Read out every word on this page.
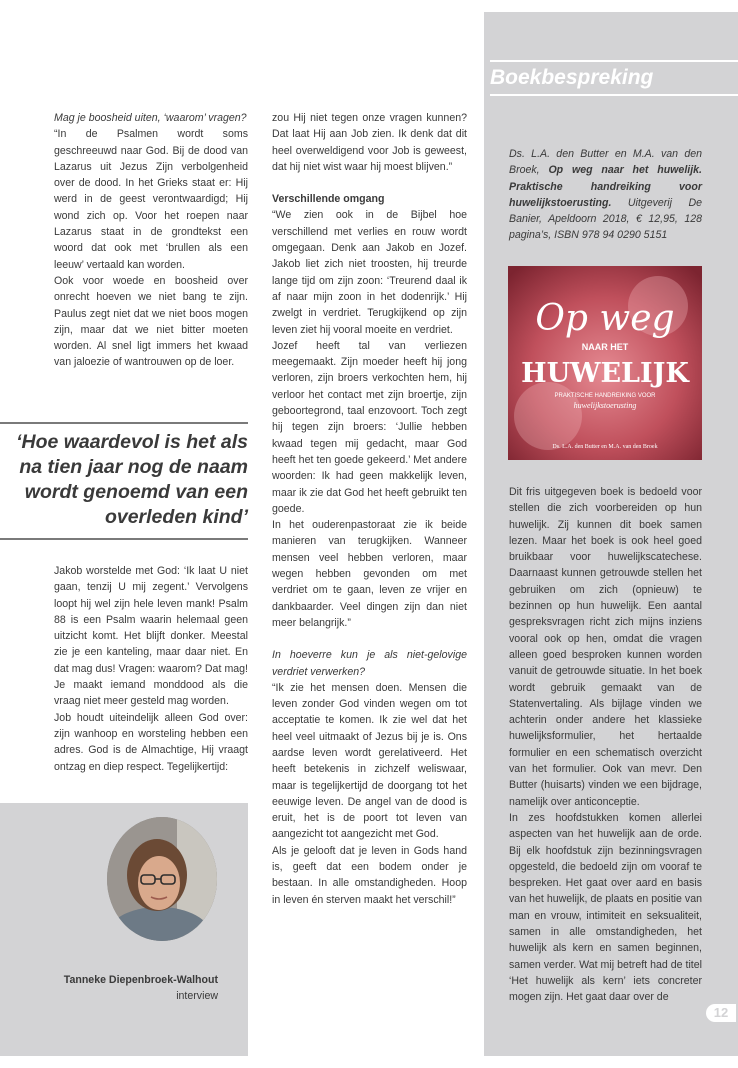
Boekbespreking

Mag je boosheid uiten, ‘waarom’ vragen?

“In de Psalmen wordt soms geschreeuwd naar God. Bij de dood van Lazarus uit Jezus Zijn verbolgenheid over de dood. In het Grieks staat er: Hij werd in de geest verontwaardigd; Hij wond zich op. Voor het roepen naar Lazarus staat in de grondtekst een woord dat ook met ‘brullen als een leeuw’ vertaald kan worden.

Ook voor woede en boosheid over onrecht hoeven we niet bang te zijn. Paulus zegt niet dat we niet boos mogen zijn, maar dat we niet bitter moeten worden. Al snel ligt immers het kwaad van jaloezie of wantrouwen op de loer.

‘Hoe waardevol is het als na tien jaar nog de naam wordt genoemd van een overleden kind’

Jakob worstelde met God: ‘Ik laat U niet gaan, tenzij U mij zegent.’ Vervolgens loopt hij wel zijn hele leven mank! Psalm 88 is een Psalm waarin helemaal geen uitzicht komt. Het blijft donker. Meestal zie je een kanteling, maar daar niet. En dat mag dus! Vragen: waarom? Dat mag! Je maakt iemand monddood als die vraag niet meer gesteld mag worden.

Job houdt uiteindelijk alleen God over: zijn wanhoop en worsteling hebben een adres. God is de Almachtige, Hij vraagt ontzag en diep respect. Tegelijkertijd:

Tanneke Diepenbroek-Walhout
interview

zou Hij niet tegen onze vragen kunnen? Dat laat Hij aan Job zien. Ik denk dat dit heel overweldigend voor Job is geweest, dat hij niet wist waar hij moest blijven.”

Verschillende omgang

“We zien ook in de Bijbel hoe verschillend met verlies en rouw wordt omgegaan. Denk aan Jakob en Jozef. Jakob liet zich niet troosten, hij treurde lange tijd om zijn zoon: ‘Treurend daal ik af naar mijn zoon in het dodenrijk.’ Hij zwelgt in verdriet. Terugkijkend op zijn leven ziet hij vooral moeite en verdriet.

Jozef heeft tal van verliezen meegemaakt. Zijn moeder heeft hij jong verloren, zijn broers verkochten hem, hij verloor het contact met zijn broertje, zijn geboortegrond, taal enzovoort. Toch zegt hij tegen zijn broers: ‘Jullie hebben kwaad tegen mij gedacht, maar God heeft het ten goede gekeerd.’ Met andere woorden: Ik had geen makkelijk leven, maar ik zie dat God het heeft gebruikt ten goede.

In het ouderenpastoraat zie ik beide manieren van terugkijken. Wanneer mensen veel hebben verloren, maar wegen hebben gevonden om met verdriet om te gaan, leven ze vrijer en dankbaarder. Veel dingen zijn dan niet meer belangrijk.”

In hoeverre kun je als niet-gelovige verdriet verwerken?

“Ik zie het mensen doen. Mensen die leven zonder God vinden wegen om tot acceptatie te komen. Ik zie wel dat het heel veel uitmaakt of Jezus bij je is. Ons aardse leven wordt gerelativeerd. Het heeft betekenis in zichzelf weliswaar, maar is tegelijkertijd de doorgang tot het eeuwige leven. De angel van de dood is eruit, het is de poort tot leven van aangezicht tot aangezicht met God.

Als je gelooft dat je leven in Gods hand is, geeft dat een bodem onder je bestaan. In alle omstandigheden. Hoop in leven én sterven maakt het verschil!”

Ds. L.A. den Butter en M.A. van den Broek, Op weg naar het huwelijk. Praktische handreiking voor huwelijkstoerusting. Uitgeverij De Banier, Apeldoorn 2018, € 12,95, 128 pagina’s, ISBN 978 94 0290 5151
Op weg
NAAR HET
HUWELIJK
PRAKTISCHE HANDREIKING VOOR
huwelijkstoerusting
Ds. L.A. den Butter en M.A. van den Broek

Dit fris uitgegeven boek is bedoeld voor stellen die zich voorbereiden op hun huwelijk. Zij kunnen dit boek samen lezen. Maar het boek is ook heel goed bruikbaar voor huwelijkscatechese. Daarnaast kunnen getrouwde stellen het gebruiken om zich (opnieuw) te bezinnen op hun huwelijk. Een aantal gespreksvragen richt zich mijns inziens vooral ook op hen, omdat die vragen alleen goed besproken kunnen worden vanuit de getrouwde situatie. In het boek wordt gebruik gemaakt van de Statenvertaling. Als bijlage vinden we achterin onder andere het klassieke huwelijksformulier, het hertaalde formulier en een schematisch overzicht van het formulier. Ook van mevr. Den Butter (huisarts) vinden we een bijdrage, namelijk over anticonceptie.

In zes hoofdstukken komen allerlei aspecten van het huwelijk aan de orde. Bij elk hoofdstuk zijn bezinningsvragen opgesteld, die bedoeld zijn om vooraf te bespreken. Het gaat over aard en basis van het huwelijk, de plaats en positie van man en vrouw, intimiteit en seksualiteit, samen in alle omstandigheden, het huwelijk als kern en samen beginnen, samen verder. Wat mij betreft had de titel ‘Het huwelijk als kern’ iets concreter mogen zijn. Het gaat daar over de

12
